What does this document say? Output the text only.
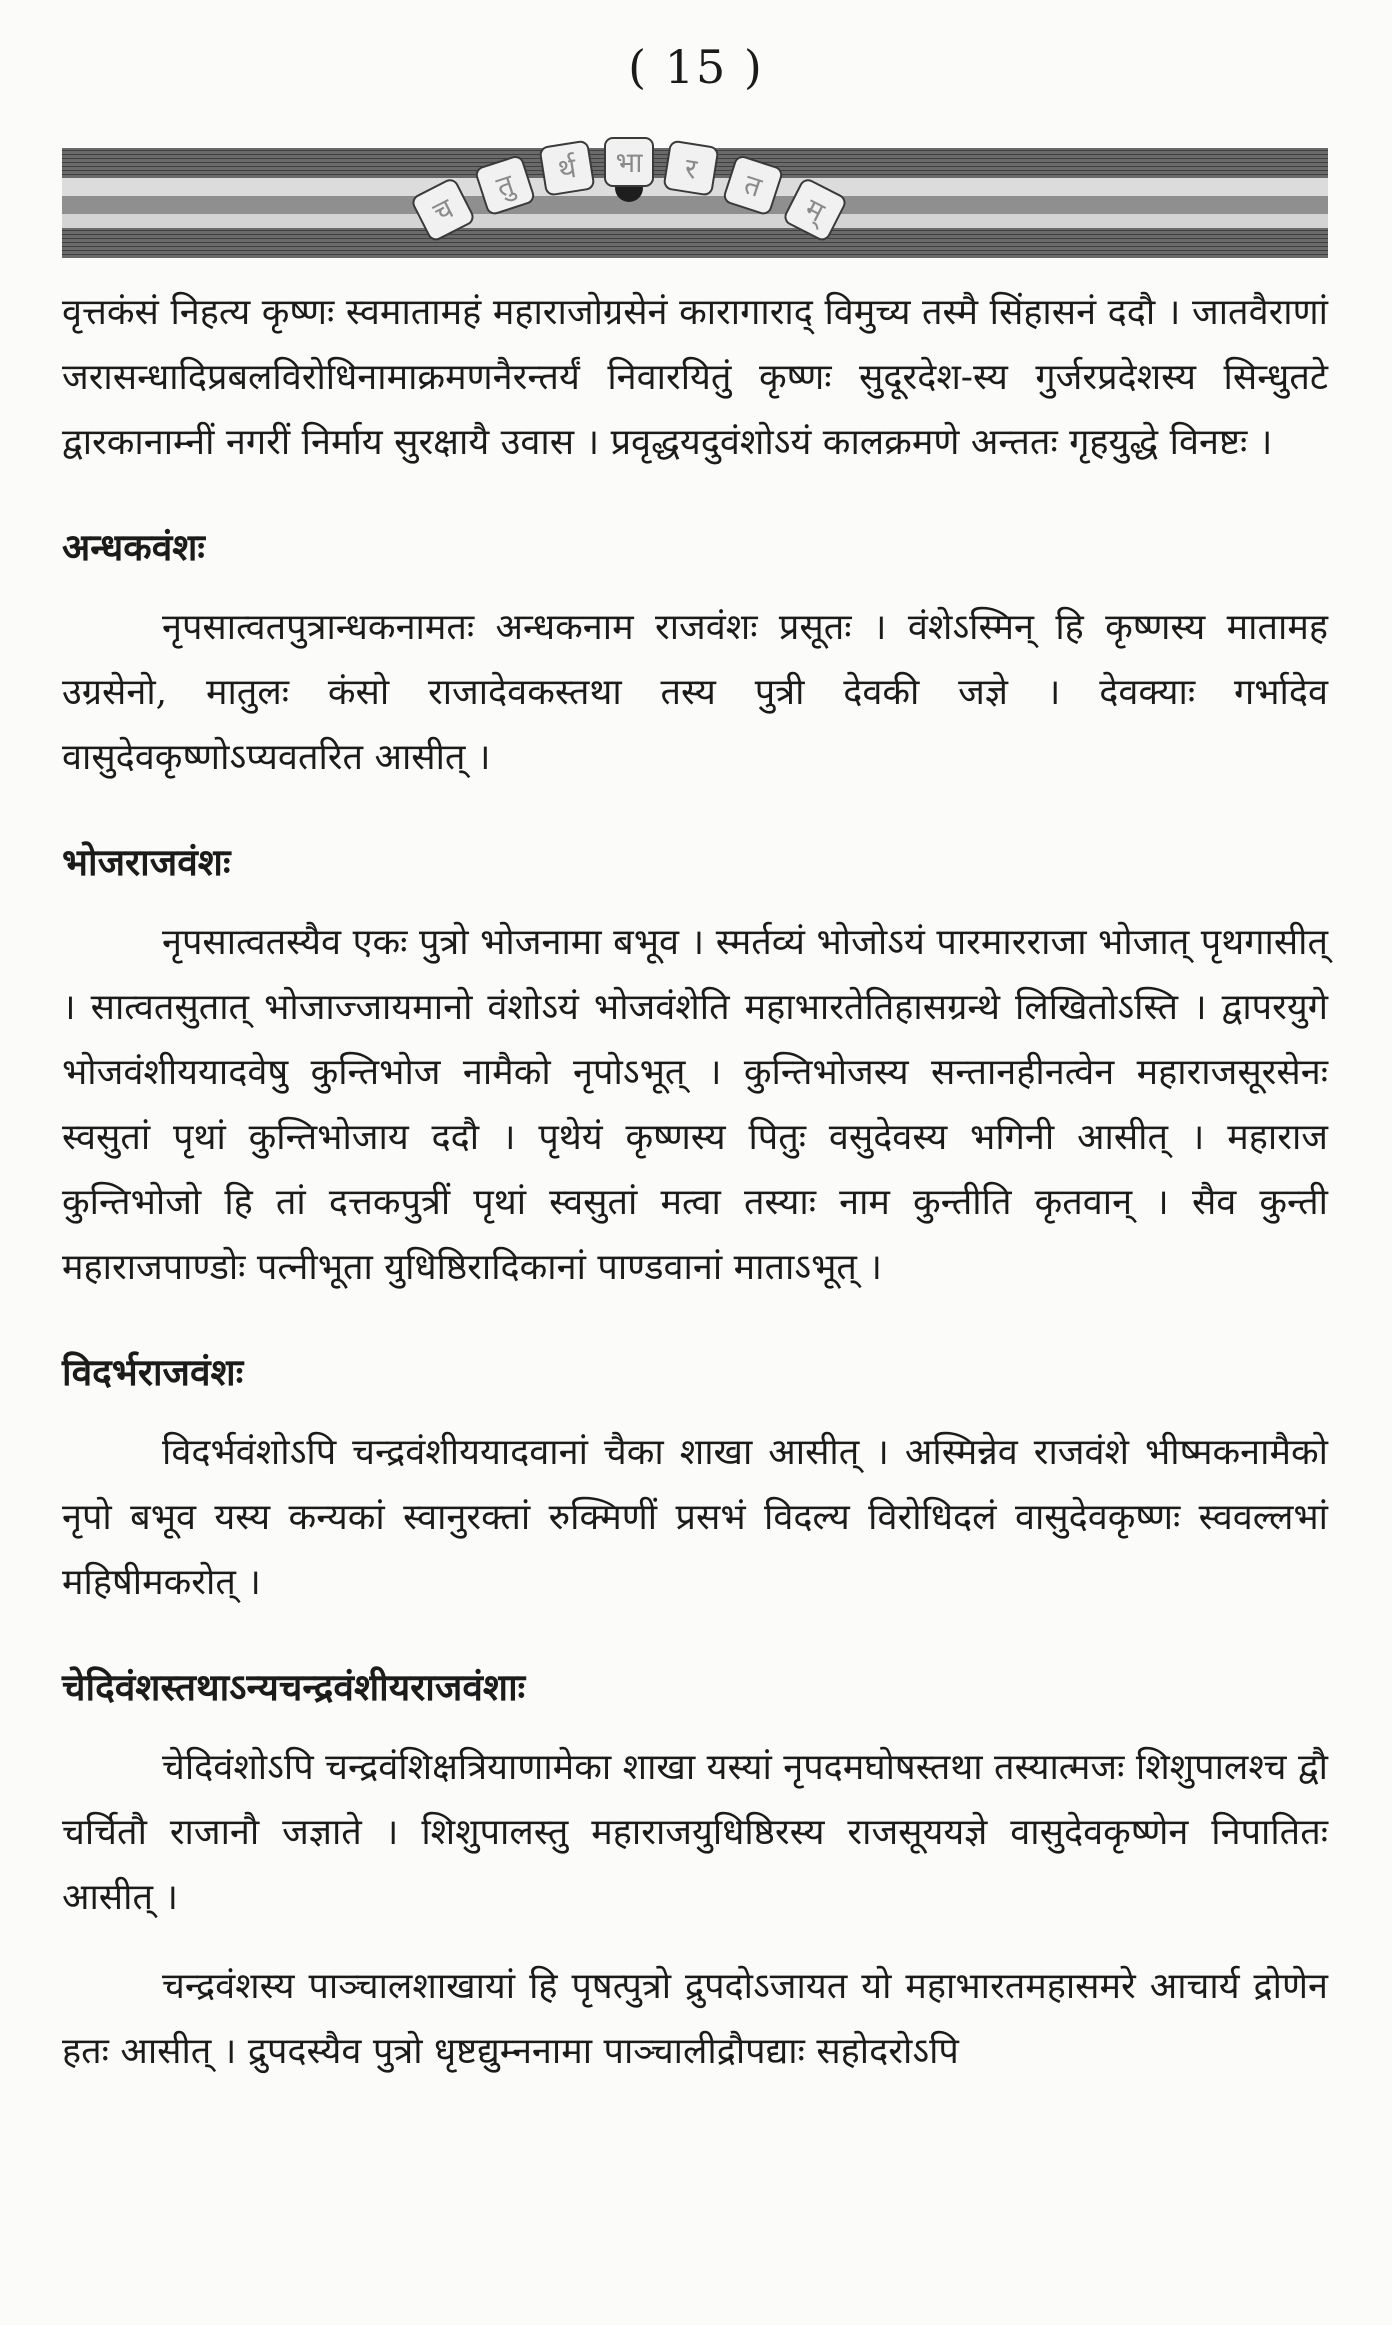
( 15 )
च
तु र्थ भा र त
म्

वृत्तकंसं निहत्य कृष्णः स्वमातामहं महाराजोग्रसेनं कारागाराद् विमुच्य तस्मै सिंहासनं ददौ । जातवैराणां जरासन्धादिप्रबलविरोधिनामाक्रमणनैरन्तर्यं निवारयितुं कृष्णः सुदूरदेश-स्य गुर्जरप्रदेशस्य सिन्धुतटे द्वारकानाम्नीं नगरीं निर्माय सुरक्षायै उवास । प्रवृद्धयदुवंशोऽयं कालक्रमणे अन्ततः गृहयुद्धे विनष्टः ।

अन्धकवंशः

नृपसात्वतपुत्रान्धकनामतः अन्धकनाम राजवंशः प्रसूतः । वंशेऽस्मिन् हि कृष्णस्य मातामह उग्रसेनो, मातुलः कंसो राजादेवकस्तथा तस्य पुत्री देवकी जज्ञे । देवक्याः गर्भादेव वासुदेवकृष्णोऽप्यवतरित आसीत् ।

भोजराजवंशः

नृपसात्वतस्यैव एकः पुत्रो भोजनामा बभूव । स्मर्तव्यं भोजोऽयं पारमारराजा भोजात् पृथगासीत् । सात्वतसुतात् भोजाज्जायमानो वंशोऽयं भोजवंशेति महाभारतेतिहासग्रन्थे लिखितोऽस्ति । द्वापरयुगे भोजवंशीययादवेषु कुन्तिभोज नामैको नृपोऽभूत् । कुन्तिभोजस्य सन्तानहीनत्वेन महाराजसूरसेनः स्वसुतां पृथां कुन्तिभोजाय ददौ । पृथेयं कृष्णस्य पितुः वसुदेवस्य भगिनी आसीत् । महाराज कुन्तिभोजो हि तां दत्तकपुत्रीं पृथां स्वसुतां मत्वा तस्याः नाम कुन्तीति कृतवान् । सैव कुन्ती महाराजपाण्डोः पत्नीभूता युधिष्ठिरादिकानां पाण्डवानां माताऽभूत् ।

विदर्भराजवंशः

विदर्भवंशोऽपि चन्द्रवंशीययादवानां चैका शाखा आसीत् । अस्मिन्नेव राजवंशे भीष्मकनामैको नृपो बभूव यस्य कन्यकां स्वानुरक्तां रुक्मिणीं प्रसभं विदल्य विरोधिदलं वासुदेवकृष्णः स्ववल्लभां महिषीमकरोत् ।

चेदिवंशस्तथाऽन्यचन्द्रवंशीयराजवंशाः

चेदिवंशोऽपि चन्द्रवंशिक्षत्रियाणामेका शाखा यस्यां नृपदमघोषस्तथा तस्यात्मजः शिशुपालश्च द्वौ चर्चितौ राजानौ जज्ञाते । शिशुपालस्तु महाराजयुधिष्ठिरस्य राजसूययज्ञे वासुदेवकृष्णेन निपातितः आसीत् ।

चन्द्रवंशस्य पाञ्चालशाखायां हि पृषत्पुत्रो द्रुपदोऽजायत यो महाभारतमहासमरे आचार्य द्रोणेन हतः आसीत् । द्रुपदस्यैव पुत्रो धृष्टद्युम्ननामा पाञ्चालीद्रौपद्याः सहोदरोऽपि
